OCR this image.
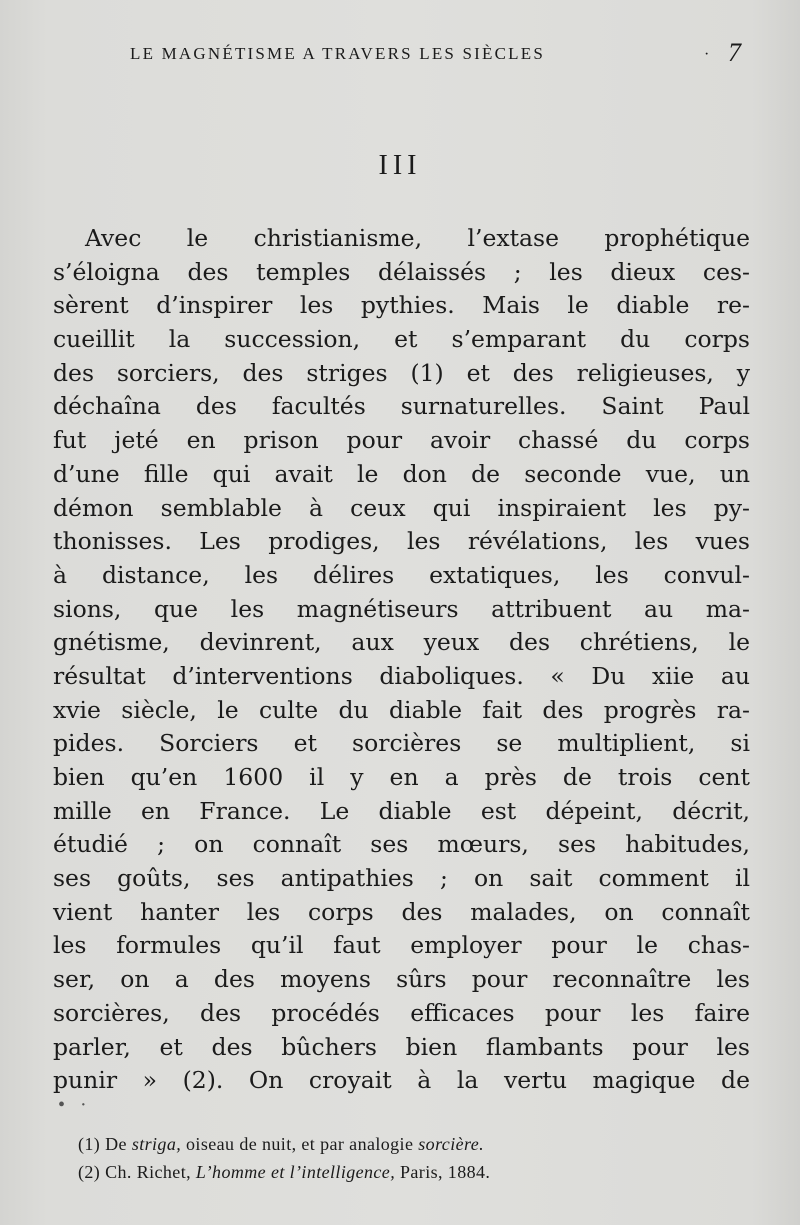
LE MAGNÉTISME A TRAVERS LES SIÈCLES	· 7
III
Avec le christianisme, l’extase prophétique
s’éloigna des temples délaissés ; les dieux ces-
sèrent d’inspirer les pythies. Mais le diable re-
cueillit la succession, et s’emparant du corps
des sorciers, des striges (1) et des religieuses, y
déchaîna des facultés surnaturelles. Saint Paul
fut jeté en prison pour avoir chassé du corps
d’une fille qui avait le don de seconde vue, un
démon semblable à ceux qui inspiraient les py-
thonisses. Les prodiges, les révélations, les vues
à distance, les délires extatiques, les convul-
sions, que les magnétiseurs attribuent au ma-
gnétisme, devinrent, aux yeux des chrétiens, le
résultat d’interventions diaboliques. « Du xiie au
xvie siècle, le culte du diable fait des progrès ra-
pides. Sorciers et sorcières se multiplient, si
bien qu’en 1600 il y en a près de trois cent
mille en France. Le diable est dépeint, décrit,
étudié ; on connaît ses mœurs, ses habitudes,
ses goûts, ses antipathies ; on sait comment il
vient hanter les corps des malades, on connaît
les formules qu’il faut employer pour le chas-
ser, on a des moyens sûrs pour reconnaître les
sorcières, des procédés efficaces pour les faire
parler, et des bûchers bien flambants pour les
punir » (2). On croyait à la vertu magique de
• ·
(1) De striga, oiseau de nuit, et par analogie sorcière.
(2) Ch. Richet, L’homme et l’intelligence, Paris, 1884.
